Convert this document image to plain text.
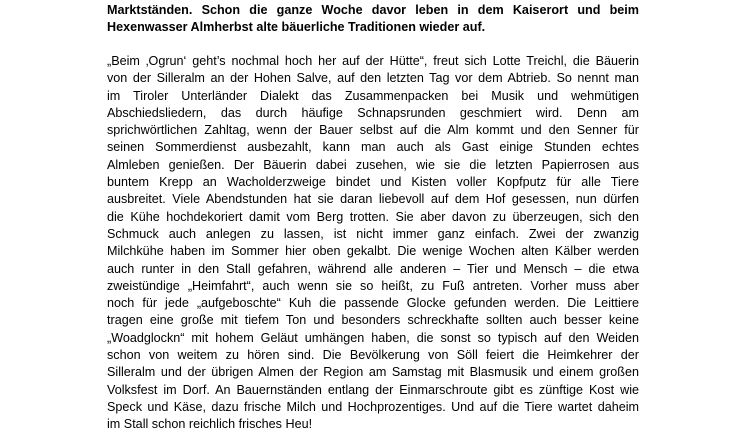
Marktständen. Schon die ganze Woche davor leben in dem Kaiserort und beim
Hexenwasser Almherbst alte bäuerliche Traditionen wieder auf.
„Beim ‚Ogrun‘ geht’s nochmal hoch her auf der Hütte“, freut sich Lotte Treichl, die Bäuerin
von der Silleralm an der Hohen Salve, auf den letzten Tag vor dem Abtrieb. So nennt man
im Tiroler Unterländer Dialekt das Zusammenpacken bei Musik und wehmütigen
Abschiedsliedern, das durch häufige Schnapsrunden geschmiert wird. Denn am
sprichwörtlichen Zahltag, wenn der Bauer selbst auf die Alm kommt und den Senner für
seinen Sommerdienst ausbezahlt, kann man auch als Gast einige Stunden echtes
Almleben genießen. Der Bäuerin dabei zusehen, wie sie die letzten Papierrosen aus
buntem Krepp an Wacholderzweige bindet und Kisten voller Kopfputz für alle Tiere
ausbreitet. Viele Abendstunden hat sie daran liebevoll auf dem Hof gesessen, nun dürfen
die Kühe hochdekoriert damit vom Berg trotten. Sie aber davon zu überzeugen, sich den
Schmuck auch anlegen zu lassen, ist nicht immer ganz einfach. Zwei der zwanzig
Milchkühe haben im Sommer hier oben gekalbt. Die wenige Wochen alten Kälber werden
auch runter in den Stall gefahren, während alle anderen – Tier und Mensch – die etwa
zweistündige „Heimfahrt“, auch wenn sie so heißt, zu Fuß antreten. Vorher muss aber
noch für jede „aufgeboschte“ Kuh die passende Glocke gefunden werden. Die Leittiere
tragen eine große mit tiefem Ton und besonders schreckhafte sollten auch besser keine
„Woadglockn“ mit hohem Geläut umhängen haben, die sonst so typisch auf den Weiden
schon von weitem zu hören sind. Die Bevölkerung von Söll feiert die Heimkehrer der
Silleralm und der übrigen Almen der Region am Samstag mit Blasmusik und einem großen
Volksfest im Dorf. An Bauernständen entlang der Einmarschroute gibt es zünftige Kost wie
Speck und Käse, dazu frische Milch und Hochprozentiges. Und auf die Tiere wartet daheim
im Stall schon reichlich frisches Heu!
